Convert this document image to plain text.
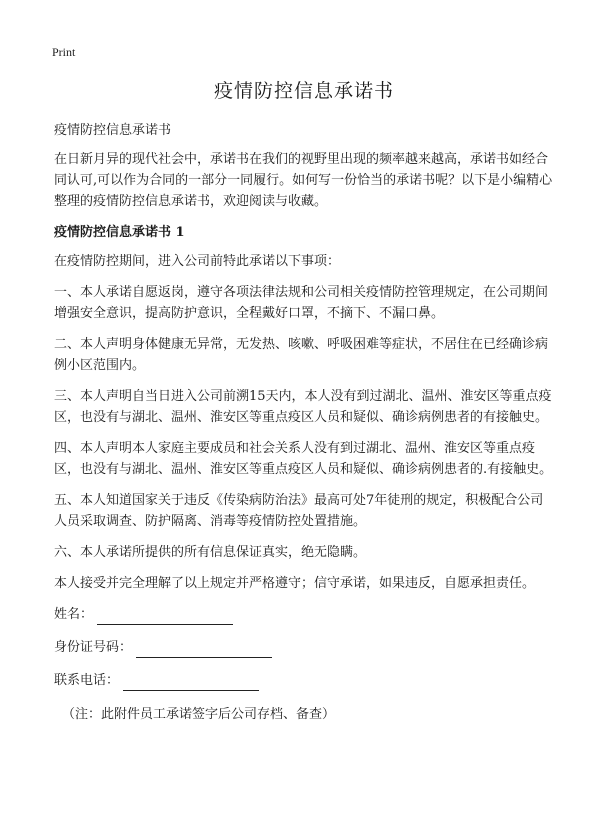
Print
疫情防控信息承诺书

疫情防控信息承诺书

在日新月异的现代社会中，承诺书在我们的视野里出现的频率越来越高，承诺书如经合同认可,可以作为合同的一部分一同履行。如何写一份恰当的承诺书呢？以下是小编精心整理的疫情防控信息承诺书，欢迎阅读与收藏。

疫情防控信息承诺书 1

在疫情防控期间，进入公司前特此承诺以下事项：

一、本人承诺自愿返岗，遵守各项法律法规和公司相关疫情防控管理规定，在公司期间增强安全意识，提高防护意识，全程戴好口罩，不摘下、不漏口鼻。

二、本人声明身体健康无异常，无发热、咳嗽、呼吸困难等症状，不居住在已经确诊病例小区范围内。

三、本人声明自当日进入公司前溯15天内，本人没有到过湖北、温州、淮安区等重点疫区，也没有与湖北、温州、淮安区等重点疫区人员和疑似、确诊病例患者的有接触史。

四、本人声明本人家庭主要成员和社会关系人没有到过湖北、温州、淮安区等重点疫区，也没有与湖北、温州、淮安区等重点疫区人员和疑似、确诊病例患者的.有接触史。

五、本人知道国家关于违反《传染病防治法》最高可处7年徒刑的规定，积极配合公司人员采取调查、防护隔离、消毒等疫情防控处置措施。

六、本人承诺所提供的所有信息保证真实，绝无隐瞒。

本人接受并完全理解了以上规定并严格遵守；信守承诺，如果违反，自愿承担责任。

姓名：
身份证号码：
联系电话：

（注：此附件员工承诺签字后公司存档、备查）
